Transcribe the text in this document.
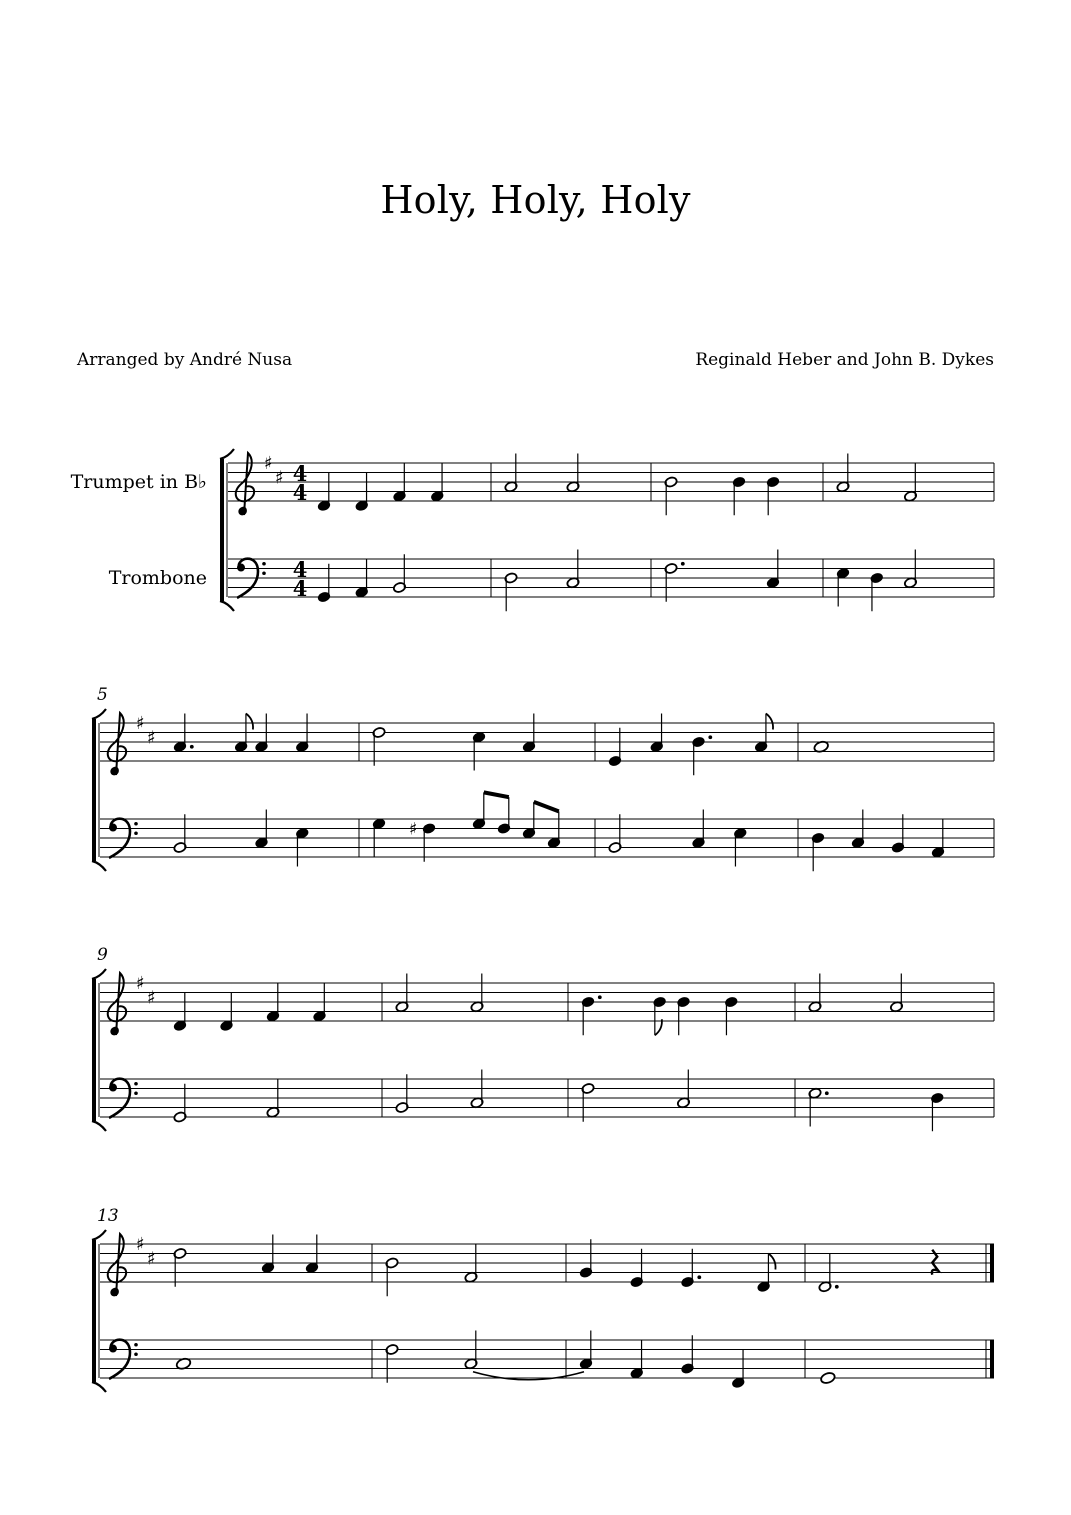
Holy, Holy, Holy
Arranged by André Nusa	Reginald Heber and John B. Dykes
Trumpet in B♭
Trombone
5
9
13
♯
♯ 4
4
4
4
♯
♯
♯
♯
♯
♯
♯
